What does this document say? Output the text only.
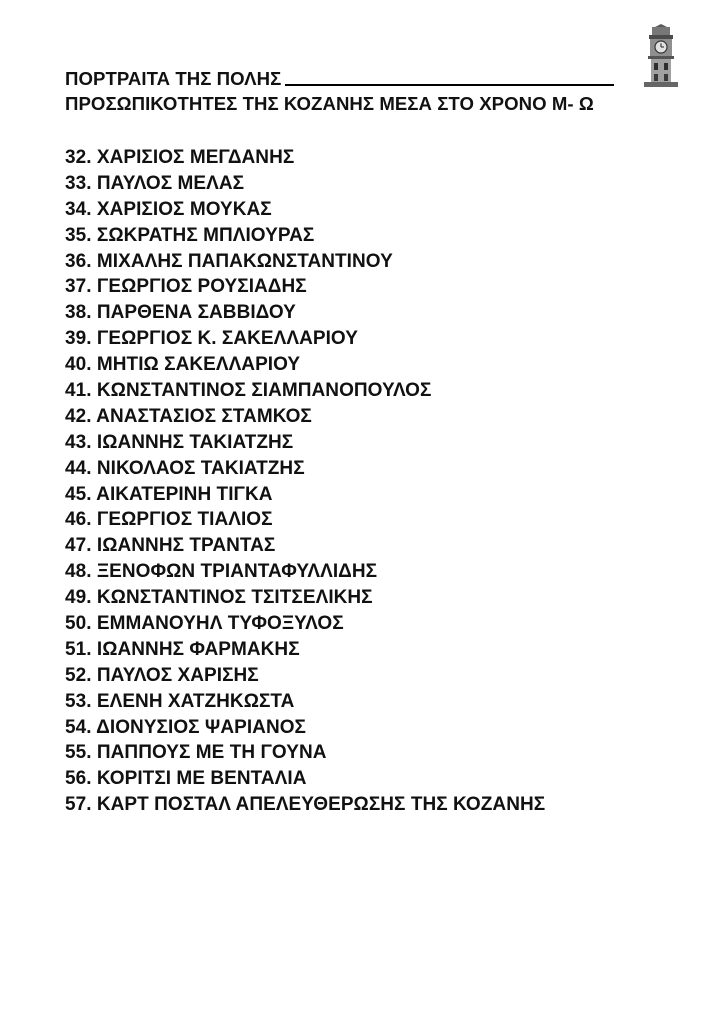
ΠΟΡΤΡΑΙΤΑ ΤΗΣ ΠΟΛΗΣ
ΠΡΟΣΩΠΙΚΟΤΗΤΕΣ ΤΗΣ ΚΟΖΑΝΗΣ ΜΕΣΑ ΣΤΟ ΧΡΟΝΟ Μ- Ω
32. ΧΑΡΙΣΙΟΣ ΜΕΓΔΑΝΗΣ
33. ΠΑΥΛΟΣ ΜΕΛΑΣ
34. ΧΑΡΙΣΙΟΣ ΜΟΥΚΑΣ
35. ΣΩΚΡΑΤΗΣ ΜΠΛΙΟΥΡΑΣ
36. ΜΙΧΑΛΗΣ ΠΑΠΑΚΩΝΣΤΑΝΤΙΝΟΥ
37. ΓΕΩΡΓΙΟΣ ΡΟΥΣΙΑΔΗΣ
38. ΠΑΡΘΕΝΑ ΣΑΒΒΙΔΟΥ
39. ΓΕΩΡΓΙΟΣ Κ. ΣΑΚΕΛΛΑΡΙΟΥ
40. ΜΗΤΙΩ ΣΑΚΕΛΛΑΡΙΟΥ
41. ΚΩΝΣΤΑΝΤΙΝΟΣ ΣΙΑΜΠΑΝΟΠΟΥΛΟΣ
42. ΑΝΑΣΤΑΣΙΟΣ ΣΤΑΜΚΟΣ
43. ΙΩΑΝΝΗΣ ΤΑΚΙΑΤΖΗΣ
44. ΝΙΚΟΛΑΟΣ ΤΑΚΙΑΤΖΗΣ
45. ΑΙΚΑΤΕΡΙΝΗ ΤΙΓΚΑ
46. ΓΕΩΡΓΙΟΣ ΤΙΑΛΙΟΣ
47. ΙΩΑΝΝΗΣ ΤΡΑΝΤΑΣ
48. ΞΕΝΟΦΩΝ ΤΡΙΑΝΤΑΦΥΛΛΙΔΗΣ
49. ΚΩΝΣΤΑΝΤΙΝΟΣ ΤΣΙΤΣΕΛΙΚΗΣ
50. ΕΜΜΑΝΟΥΗΛ ΤΥΦΟΞΥΛΟΣ
51. ΙΩΑΝΝΗΣ ΦΑΡΜΑΚΗΣ
52. ΠΑΥΛΟΣ ΧΑΡΙΣΗΣ
53. ΕΛΕΝΗ ΧΑΤΖΗΚΩΣΤΑ
54. ΔΙΟΝΥΣΙΟΣ ΨΑΡΙΑΝΟΣ
55. ΠΑΠΠΟΥΣ ΜΕ ΤΗ ΓΟΥΝΑ
56. ΚΟΡΙΤΣΙ ΜΕ ΒΕΝΤΑΛΙΑ
57. ΚΑΡΤ ΠΟΣΤΑΛ ΑΠΕΛΕΥΘΕΡΩΣΗΣ ΤΗΣ ΚΟΖΑΝΗΣ
